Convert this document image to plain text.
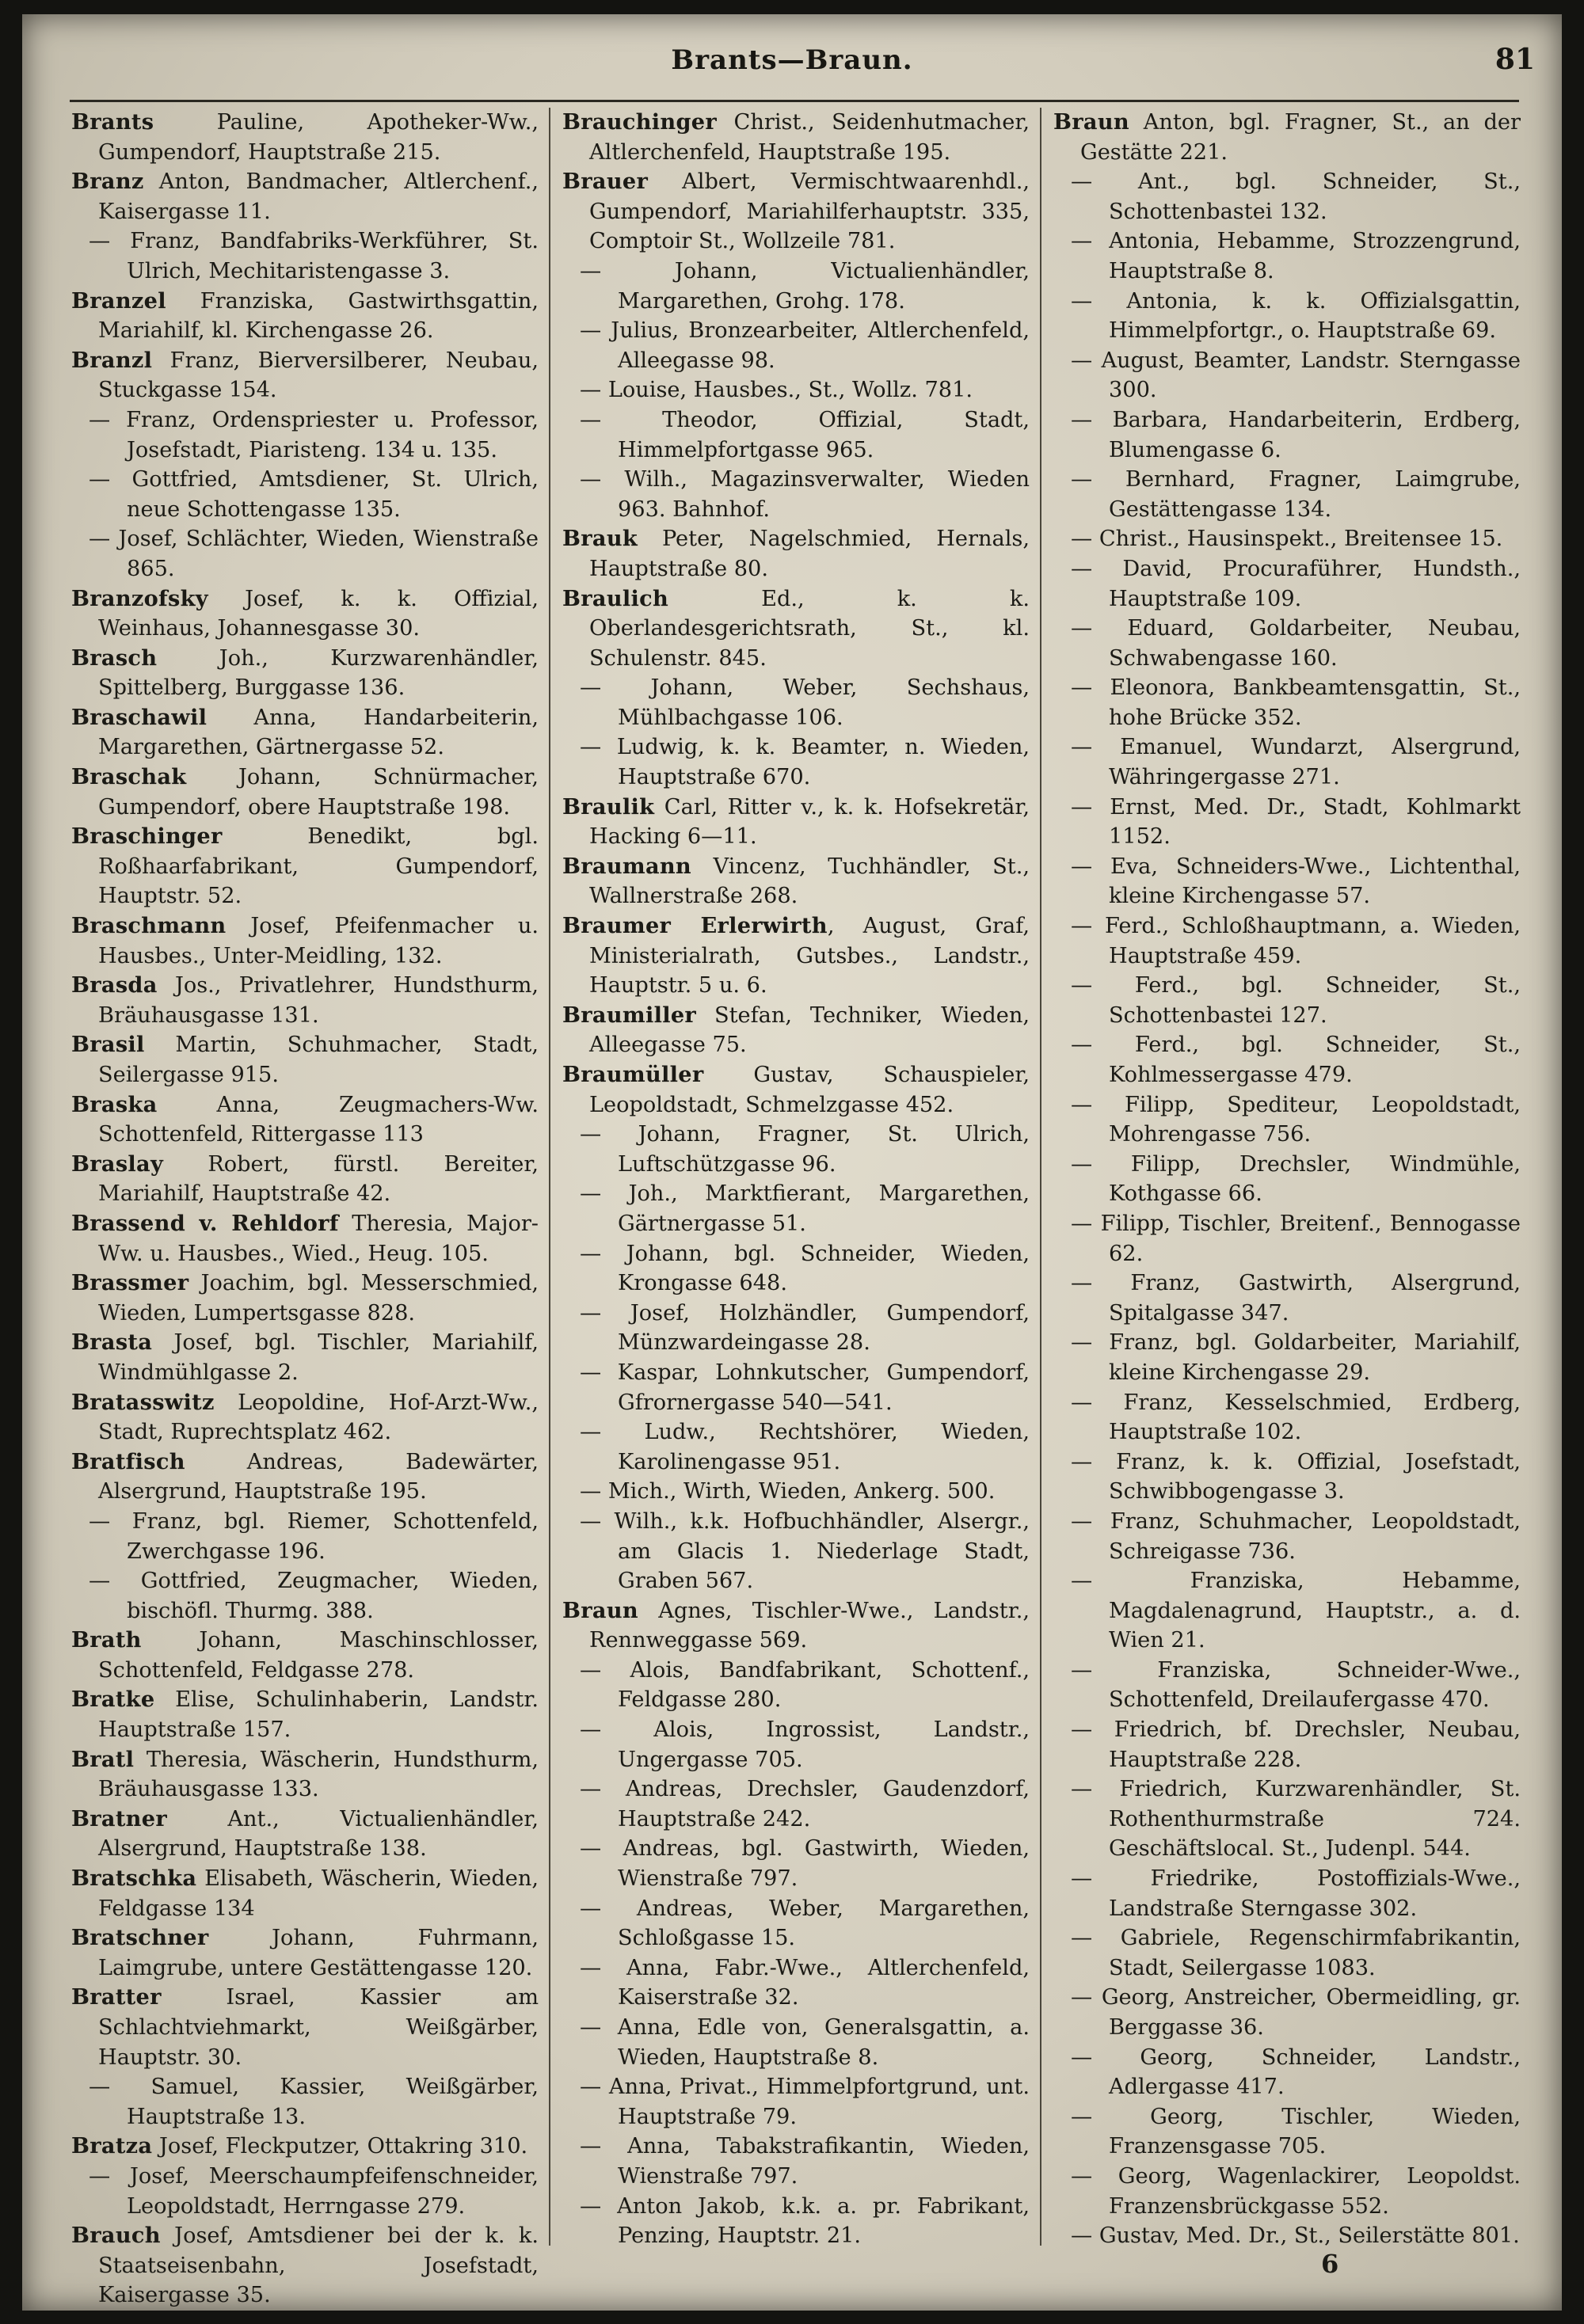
Brants—Braun.	81

Brants Pauline, Apotheker-Ww., Gumpendorf, Hauptstraße 215.

Branz Anton, Bandmacher, Altlerchenf., Kaisergasse 11.

— Franz, Bandfabriks-Werkführer, St. Ulrich, Mechitaristengasse 3.

Branzel Franziska, Gastwirthsgattin, Mariahilf, kl. Kirchengasse 26.

Branzl Franz, Bierversilberer, Neubau, Stuckgasse 154.

— Franz, Ordenspriester u. Professor, Josefstadt, Piaristeng. 134 u. 135.

— Gottfried, Amtsdiener, St. Ulrich, neue Schottengasse 135.

— Josef, Schlächter, Wieden, Wienstraße 865.

Branzofsky Josef, k. k. Offizial, Weinhaus, Johannesgasse 30.

Brasch Joh., Kurzwarenhändler, Spittelberg, Burggasse 136.

Braschawil Anna, Handarbeiterin, Margarethen, Gärtnergasse 52.

Braschak Johann, Schnürmacher, Gumpendorf, obere Hauptstraße 198.

Braschinger Benedikt, bgl. Roßhaarfabrikant, Gumpendorf, Hauptstr. 52.

Braschmann Josef, Pfeifenmacher u. Hausbes., Unter-Meidling, 132.

Brasda Jos., Privatlehrer, Hundsthurm, Bräuhausgasse 131.

Brasil Martin, Schuhmacher, Stadt, Seilergasse 915.

Braska Anna, Zeugmachers-Ww. Schottenfeld, Rittergasse 113

Braslay Robert, fürstl. Bereiter, Mariahilf, Hauptstraße 42.

Brassend v. Rehldorf Theresia, Major-Ww. u. Hausbes., Wied., Heug. 105.

Brassmer Joachim, bgl. Messerschmied, Wieden, Lumpertsgasse 828.

Brasta Josef, bgl. Tischler, Mariahilf, Windmühlgasse 2.

Bratasswitz Leopoldine, Hof-Arzt-Ww., Stadt, Ruprechtsplatz 462.

Bratfisch Andreas, Badewärter, Alsergrund, Hauptstraße 195.

— Franz, bgl. Riemer, Schottenfeld, Zwerchgasse 196.

— Gottfried, Zeugmacher, Wieden, bischöfl. Thurmg. 388.

Brath Johann, Maschinschlosser, Schottenfeld, Feldgasse 278.

Bratke Elise, Schulinhaberin, Landstr. Hauptstraße 157.

Bratl Theresia, Wäscherin, Hundsthurm, Bräuhausgasse 133.

Bratner Ant., Victualienhändler, Alsergrund, Hauptstraße 138.

Bratschka Elisabeth, Wäscherin, Wieden, Feldgasse 134

Bratschner Johann, Fuhrmann, Laimgrube, untere Gestättengasse 120.

Bratter Israel, Kassier am Schlachtviehmarkt, Weißgärber, Hauptstr. 30.

— Samuel, Kassier, Weißgärber, Hauptstraße 13.

Bratza Josef, Fleckputzer, Ottakring 310.

— Josef, Meerschaumpfeifenschneider, Leopoldstadt, Herrngasse 279.

Brauch Josef, Amtsdiener bei der k. k. Staatseisenbahn, Josefstadt, Kaisergasse 35.

Brauchinger Christ., Seidenhutmacher, Altlerchenfeld, Hauptstraße 195.

Brauer Albert, Vermischtwaarenhdl., Gumpendorf, Mariahilferhauptstr. 335, Comptoir St., Wollzeile 781.

— Johann, Victualienhändler, Margarethen, Grohg. 178.

— Julius, Bronzearbeiter, Altlerchenfeld, Alleegasse 98.

— Louise, Hausbes., St., Wollz. 781.

— Theodor, Offizial, Stadt, Himmelpfortgasse 965.

— Wilh., Magazinsverwalter, Wieden 963. Bahnhof.

Brauk Peter, Nagelschmied, Hernals, Hauptstraße 80.

Braulich Ed., k. k. Oberlandesgerichtsrath, St., kl. Schulenstr. 845.

— Johann, Weber, Sechshaus, Mühlbachgasse 106.

— Ludwig, k. k. Beamter, n. Wieden, Hauptstraße 670.

Braulik Carl, Ritter v., k. k. Hofsekretär, Hacking 6—11.

Braumann Vincenz, Tuchhändler, St., Wallnerstraße 268.

Braumer Erlerwirth, August, Graf, Ministerialrath, Gutsbes., Landstr., Hauptstr. 5 u. 6.

Braumiller Stefan, Techniker, Wieden, Alleegasse 75.

Braumüller Gustav, Schauspieler, Leopoldstadt, Schmelzgasse 452.

— Johann, Fragner, St. Ulrich, Luftschützgasse 96.

— Joh., Marktfierant, Margarethen, Gärtnergasse 51.

— Johann, bgl. Schneider, Wieden, Krongasse 648.

— Josef, Holzhändler, Gumpendorf, Münzwardeingasse 28.

— Kaspar, Lohnkutscher, Gumpendorf, Gfrornergasse 540—541.

— Ludw., Rechtshörer, Wieden, Karolinengasse 951.

— Mich., Wirth, Wieden, Ankerg. 500.

— Wilh., k.k. Hofbuchhändler, Alsergr., am Glacis 1. Niederlage Stadt, Graben 567.

Braun Agnes, Tischler-Wwe., Landstr., Rennweggasse 569.

— Alois, Bandfabrikant, Schottenf., Feldgasse 280.

— Alois, Ingrossist, Landstr., Ungergasse 705.

— Andreas, Drechsler, Gaudenzdorf, Hauptstraße 242.

— Andreas, bgl. Gastwirth, Wieden, Wienstraße 797.

— Andreas, Weber, Margarethen, Schloßgasse 15.

— Anna, Fabr.-Wwe., Altlerchenfeld, Kaiserstraße 32.

— Anna, Edle von, Generalsgattin, a. Wieden, Hauptstraße 8.

— Anna, Privat., Himmelpfortgrund, unt. Hauptstraße 79.

— Anna, Tabakstrafikantin, Wieden, Wienstraße 797.

— Anton Jakob, k.k. a. pr. Fabrikant, Penzing, Hauptstr. 21.

Braun Anton, bgl. Fragner, St., an der Gestätte 221.

— Ant., bgl. Schneider, St., Schottenbastei 132.

— Antonia, Hebamme, Strozzengrund, Hauptstraße 8.

— Antonia, k. k. Offizialsgattin, Himmelpfortgr., o. Hauptstraße 69.

— August, Beamter, Landstr. Sterngasse 300.

— Barbara, Handarbeiterin, Erdberg, Blumengasse 6.

— Bernhard, Fragner, Laimgrube, Gestättengasse 134.

— Christ., Hausinspekt., Breitensee 15.

— David, Procuraführer, Hundsth., Hauptstraße 109.

— Eduard, Goldarbeiter, Neubau, Schwabengasse 160.

— Eleonora, Bankbeamtensgattin, St., hohe Brücke 352.

— Emanuel, Wundarzt, Alsergrund, Währingergasse 271.

— Ernst, Med. Dr., Stadt, Kohlmarkt 1152.

— Eva, Schneiders-Wwe., Lichtenthal, kleine Kirchengasse 57.

— Ferd., Schloßhauptmann, a. Wieden, Hauptstraße 459.

— Ferd., bgl. Schneider, St., Schottenbastei 127.

— Ferd., bgl. Schneider, St., Kohlmessergasse 479.

— Filipp, Spediteur, Leopoldstadt, Mohrengasse 756.

— Filipp, Drechsler, Windmühle, Kothgasse 66.

— Filipp, Tischler, Breitenf., Bennogasse 62.

— Franz, Gastwirth, Alsergrund, Spitalgasse 347.

— Franz, bgl. Goldarbeiter, Mariahilf, kleine Kirchengasse 29.

— Franz, Kesselschmied, Erdberg, Hauptstraße 102.

— Franz, k. k. Offizial, Josefstadt, Schwibbogengasse 3.

— Franz, Schuhmacher, Leopoldstadt, Schreigasse 736.

— Franziska, Hebamme, Magdalenagrund, Hauptstr., a. d. Wien 21.

— Franziska, Schneider-Wwe., Schottenfeld, Dreilaufergasse 470.

— Friedrich, bf. Drechsler, Neubau, Hauptstraße 228.

— Friedrich, Kurzwarenhändler, St. Rothenthurmstraße 724. Geschäftslocal. St., Judenpl. 544.

— Friedrike, Postoffizials-Wwe., Landstraße Sterngasse 302.

— Gabriele, Regenschirmfabrikantin, Stadt, Seilergasse 1083.

— Georg, Anstreicher, Obermeidling, gr. Berggasse 36.

— Georg, Schneider, Landstr., Adlergasse 417.

— Georg, Tischler, Wieden, Franzensgasse 705.

— Georg, Wagenlackirer, Leopoldst. Franzensbrückgasse 552.

— Gustav, Med. Dr., St., Seilerstätte 801.

6
